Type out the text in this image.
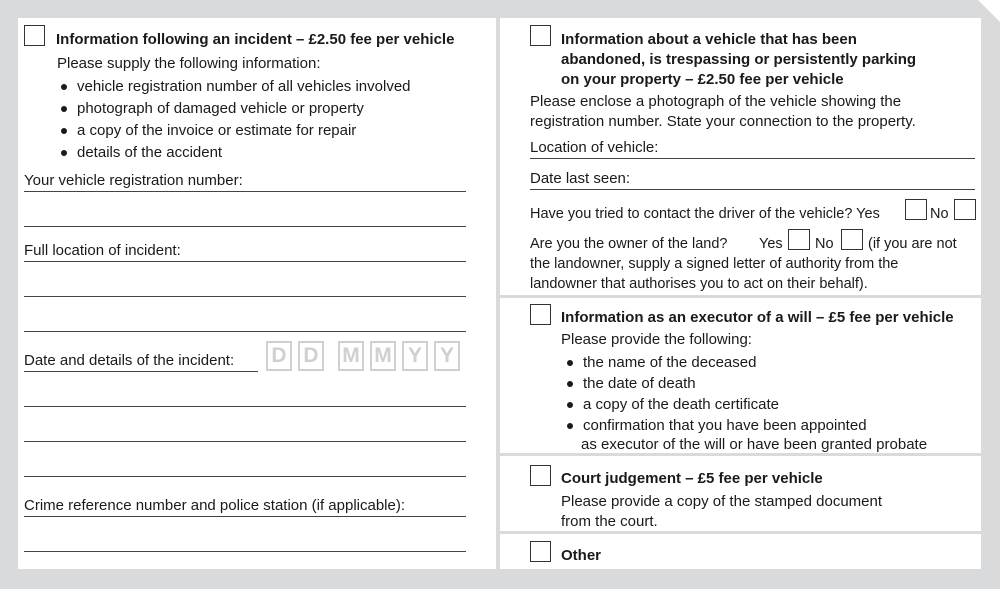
Information following an incident – £2.50 fee per vehicle
Please supply the following information:
vehicle registration number of all vehicles involved
photograph of damaged vehicle or property
a copy of the invoice or estimate for repair
details of the accident
Your vehicle registration number:
Full location of incident:
Date and details of the incident: D D M M Y Y
Crime reference number and police station (if applicable):
Information about a vehicle that has been
abandoned, is trespassing or persistently parking
on your property – £2.50 fee per vehicle
Please enclose a photograph of the vehicle showing the
registration number. State your connection to the property.
Location of vehicle:
Date last seen:
Have you tried to contact the driver of the vehicle? Yes	No
Are you the owner of the land? Yes No (if you are not
the landowner, supply a signed letter of authority from the
landowner that authorises you to act on their behalf).
Information as an executor of a will – £5 fee per vehicle
Please provide the following:
the name of the deceased
the date of death
a copy of the death certificate
confirmation that you have been appointed
as executor of the will or have been granted probate
Court judgement – £5 fee per vehicle
Please provide a copy of the stamped document
from the court.
Other
